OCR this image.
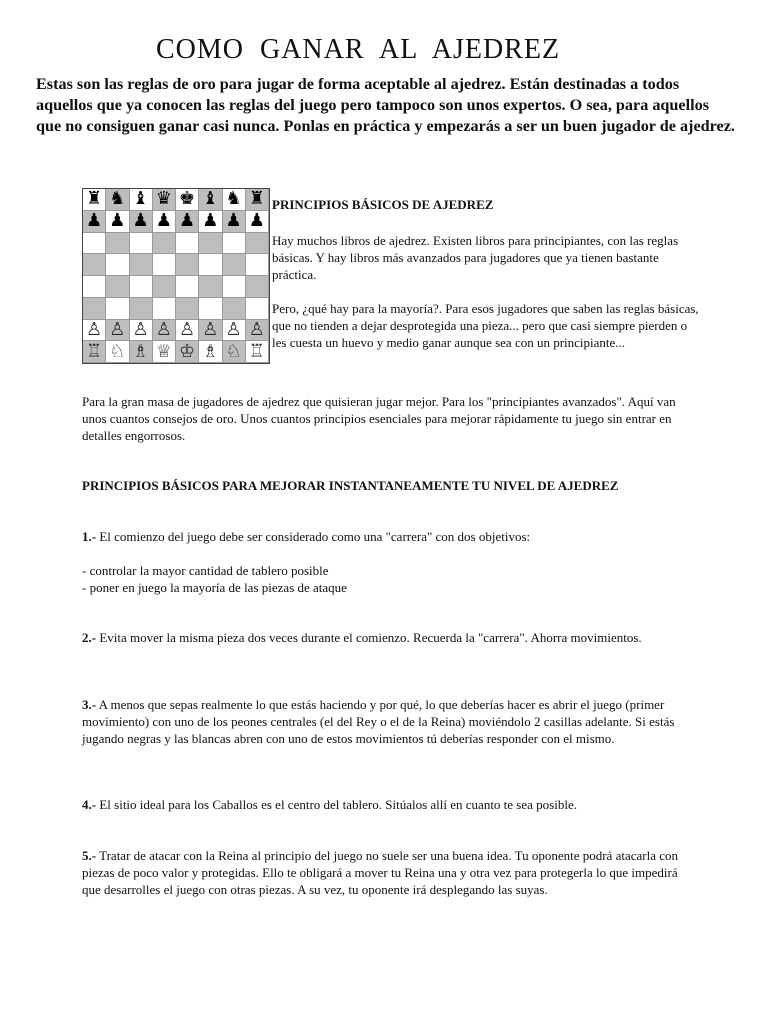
COMO  GANAR  AL  AJEDREZ

Estas son las reglas de oro para jugar de forma aceptable al ajedrez. Están destinadas a todos aquellos que ya conocen las reglas del juego pero tampoco son unos expertos. O sea, para aquellos que no consiguen ganar casi nunca. Ponlas en práctica y empezarás a ser un buen jugador de ajedrez.

♜ ♞ ♝ ♛ ♚ ♝ ♞ ♜
♟ ♟ ♟ ♟ ♟ ♟ ♟ ♟
♙ ♙ ♙ ♙ ♙ ♙ ♙ ♙
♖ ♘ ♗ ♕ ♔ ♗ ♘ ♖
PRINCIPIOS BÁSICOS DE AJEDREZ

Hay muchos libros de ajedrez. Existen libros para principiantes, con las reglas básicas. Y hay libros más avanzados para jugadores que ya tienen bastante práctica.

Pero, ¿qué hay para la mayoría?. Para esos jugadores que saben las reglas básicas, que no tienden a dejar desprotegida una pieza... pero que casi siempre pierden o les cuesta un huevo y medio ganar aunque sea con un principiante...

Para la gran masa de jugadores de ajedrez que quisieran jugar mejor. Para los "principiantes avanzados". Aquí van unos cuantos consejos de oro. Unos cuantos principios esenciales para mejorar rápidamente tu juego sin entrar en detalles engorrosos.

PRINCIPIOS BÁSICOS PARA MEJORAR INSTANTANEAMENTE TU NIVEL DE AJEDREZ

1.- El comienzo del juego debe ser considerado como una "carrera" con dos objetivos:

- controlar la mayor cantidad de tablero posible
- poner en juego la mayoría de las piezas de ataque

2.- Evita mover la misma pieza dos veces durante el comienzo. Recuerda la "carrera". Ahorra movimientos.

3.- A menos que sepas realmente lo que estás haciendo y por qué, lo que deberías hacer es abrir el juego (primer movimiento) con uno de los peones centrales (el del Rey o el de la Reina) moviéndolo 2 casillas adelante. Si estás jugando negras y las blancas abren con uno de estos movimientos tú deberías responder con el mismo.

4.- El sitio ideal para los Caballos es el centro del tablero. Sitúalos allí en cuanto te sea posible.

5.- Tratar de atacar con la Reina al principio del juego no suele ser una buena idea. Tu oponente podrá atacarla con piezas de poco valor y protegidas. Ello te obligará a mover tu Reina una y otra vez para protegerla lo que impedirá que desarrolles el juego con otras piezas. A su vez, tu oponente irá desplegando las suyas.
